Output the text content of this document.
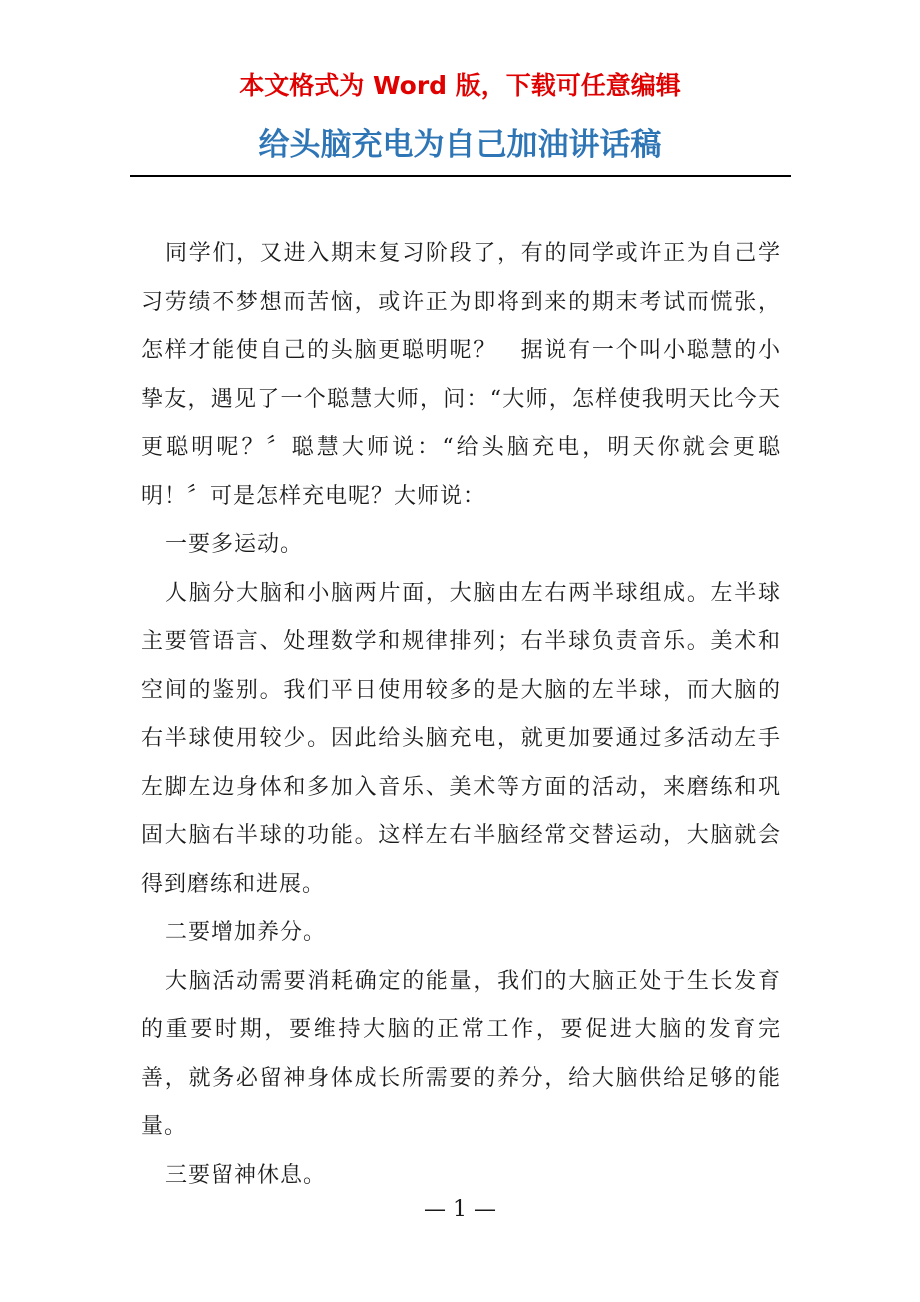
本文格式为 Word 版，下载可任意编辑
给头脑充电为自己加油讲话稿

同学们，又进入期末复习阶段了，有的同学或许正为自己学习劳绩不梦想而苦恼，或许正为即将到来的期末考试而慌张，怎样才能使自己的头脑更聪明呢？　据说有一个叫小聪慧的小挚友，遇见了一个聪慧大师，问：“大师，怎样使我明天比今天更聪明呢？〞聪慧大师说：“给头脑充电，明天你就会更聪明！〞可是怎样充电呢？大师说：

一要多运动。

人脑分大脑和小脑两片面，大脑由左右两半球组成。左半球主要管语言、处理数学和规律排列；右半球负责音乐。美术和空间的鉴别。我们平日使用较多的是大脑的左半球，而大脑的右半球使用较少。因此给头脑充电，就更加要通过多活动左手左脚左边身体和多加入音乐、美术等方面的活动，来磨练和巩固大脑右半球的功能。这样左右半脑经常交替运动，大脑就会得到磨练和进展。

二要增加养分。

大脑活动需要消耗确定的能量，我们的大脑正处于生长发育的重要时期，要维持大脑的正常工作，要促进大脑的发育完善，就务必留神身体成长所需要的养分，给大脑供给足够的能量。

三要留神休息。

— 1 —
